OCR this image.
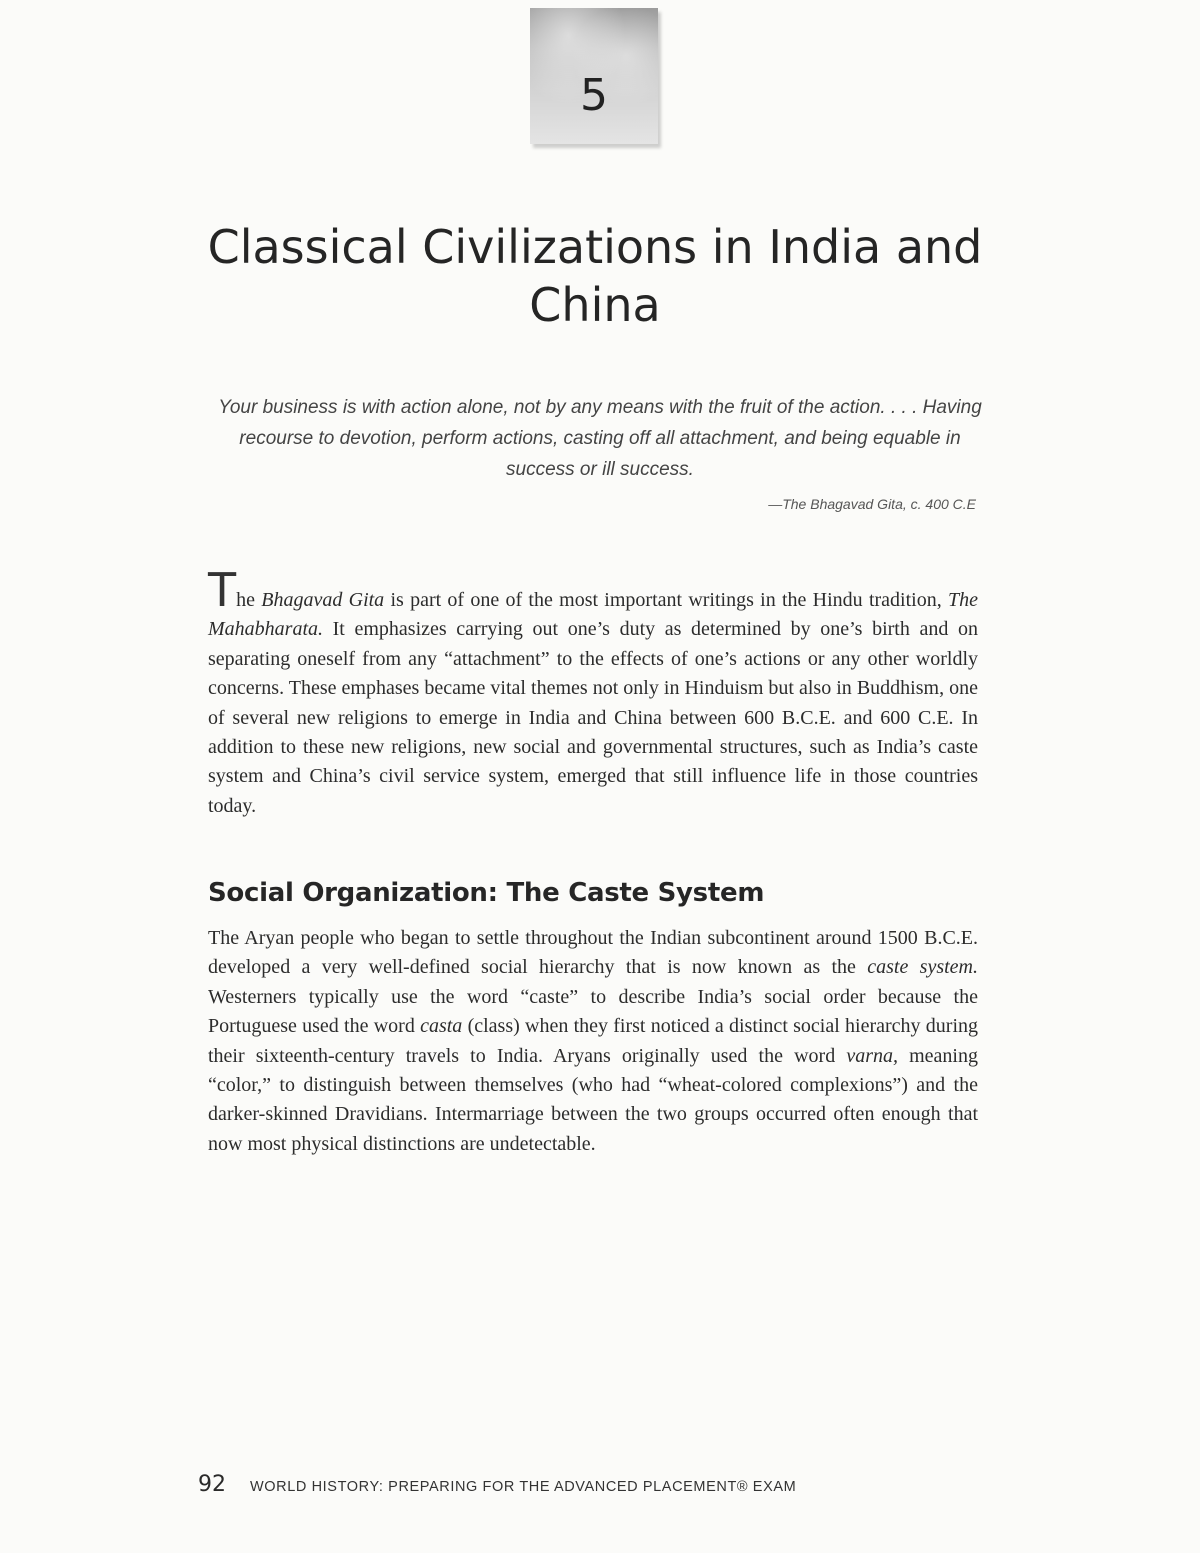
5
Classical Civilizations in India and China

Your business is with action alone, not by any means with the fruit of the action. . . . Having recourse to devotion, perform actions, casting off all attachment, and being equable in success or ill success.

—The Bhagavad Gita, c. 400 C.E

The Bhagavad Gita is part of one of the most important writings in the Hindu tradition, The Mahabharata. It emphasizes carrying out one’s duty as determined by one’s birth and on separating oneself from any “attachment” to the effects of one’s actions or any other worldly concerns. These emphases became vital themes not only in Hinduism but also in Buddhism, one of several new religions to emerge in India and China between 600 B.C.E. and 600 C.E. In addition to these new religions, new social and governmental structures, such as India’s caste system and China’s civil service system, emerged that still influence life in those countries today.

Social Organization: The Caste System

The Aryan people who began to settle throughout the Indian subcontinent around 1500 B.C.E. developed a very well-defined social hierarchy that is now known as the caste system. Westerners typically use the word “caste” to describe India’s social order because the Portuguese used the word casta (class) when they first noticed a distinct social hierarchy during their sixteenth-century travels to India. Aryans originally used the word varna, meaning “color,” to distinguish between themselves (who had “wheat-colored complexions”) and the darker-skinned Dravidians. Intermarriage between the two groups occurred often enough that now most physical distinctions are undetectable.

92 WORLD HISTORY: PREPARING FOR THE ADVANCED PLACEMENT® EXAM
